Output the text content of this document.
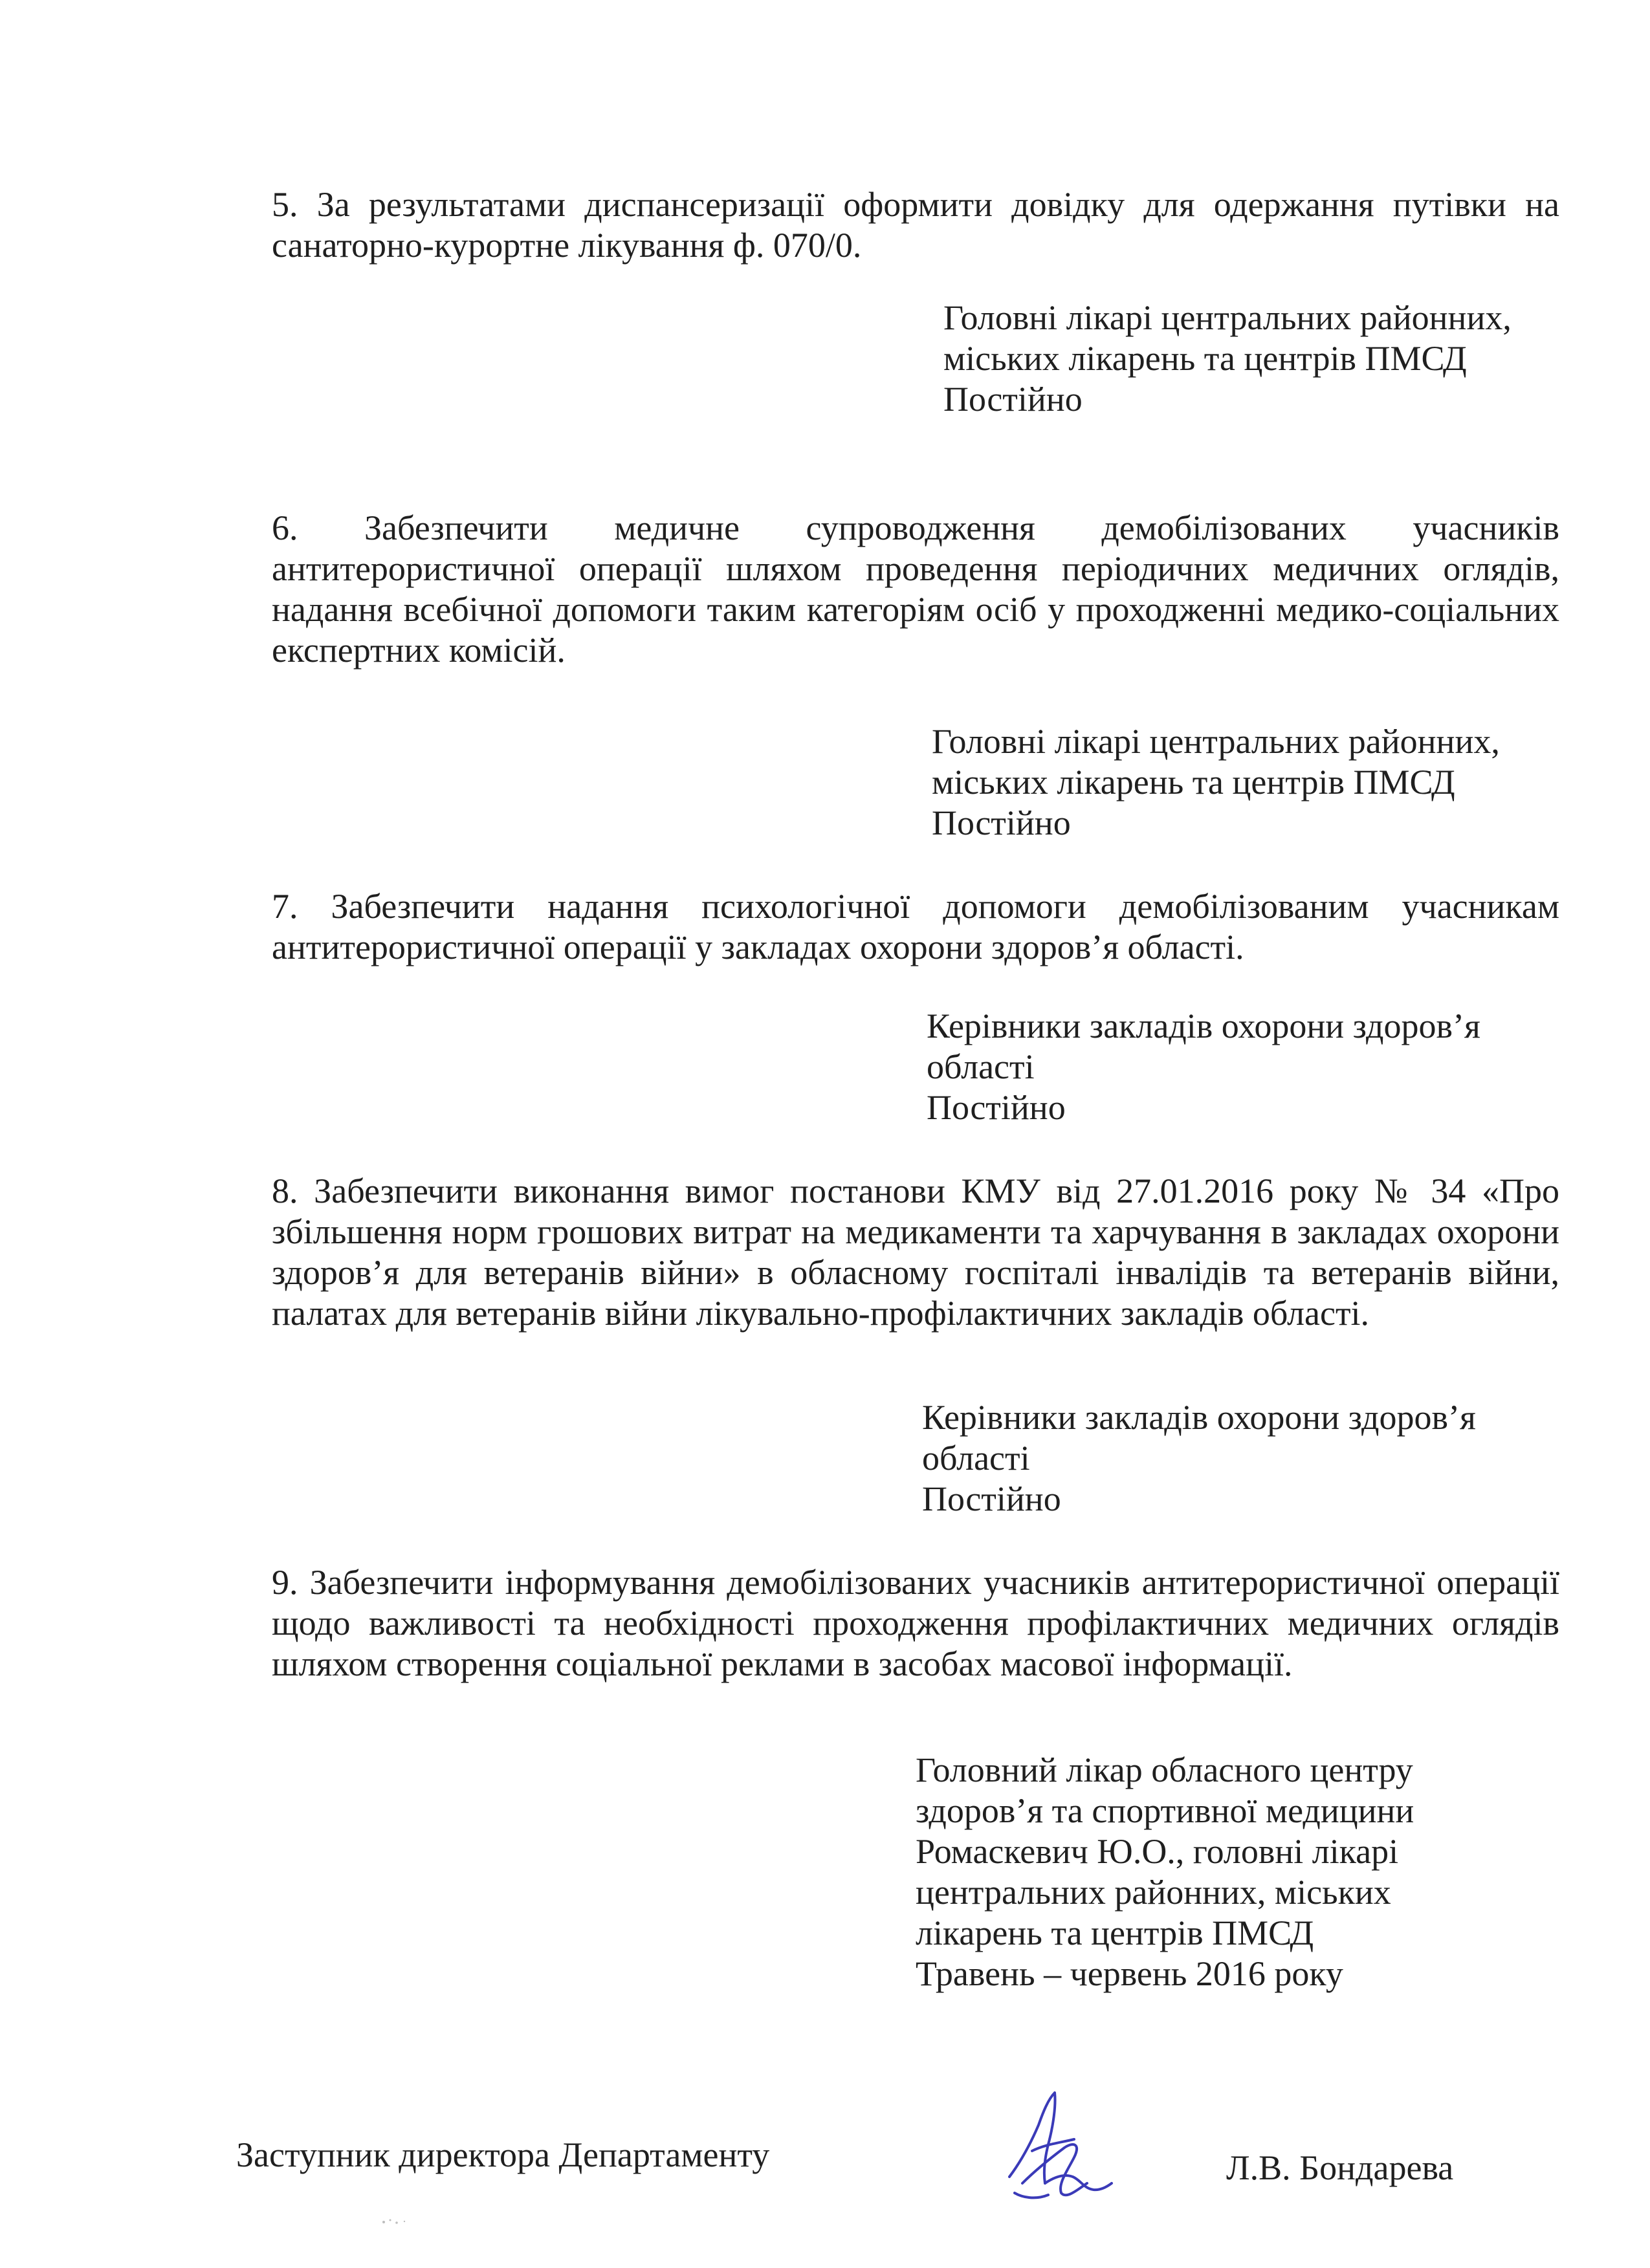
5. За результатами диспансеризації оформити довідку для одержання путівки на санаторно-курортне лікування ф. 070/0.

Головні лікарі центральних районних,
міських лікарень та центрів ПМСД
Постійно

6. Забезпечити медичне супроводження демобілізованих учасників антитерористичної операції шляхом проведення періодичних медичних оглядів, надання всебічної допомоги таким категоріям осіб у проходженні медико-соціальних експертних комісій.

Головні лікарі центральних районних,
міських лікарень та центрів ПМСД
Постійно

7. Забезпечити надання психологічної допомоги демобілізованим учасникам антитерористичної операції у закладах охорони здоров’я області.

Керівники закладів охорони здоров’я
області
Постійно

8. Забезпечити виконання вимог постанови КМУ від 27.01.2016 року № 34 «Про збільшення норм грошових витрат на медикаменти та харчування в закладах охорони здоров’я для ветеранів війни» в обласному госпіталі інвалідів та ветеранів війни, палатах для ветеранів війни лікувально-профілактичних закладів області.

Керівники закладів охорони здоров’я
області
Постійно

9. Забезпечити інформування демобілізованих учасників антитерористичної операції щодо важливості та необхідності проходження профілактичних медичних оглядів шляхом створення соціальної реклами в засобах масової інформації.

Головний лікар обласного центру
здоров’я та спортивної медицини
Ромаскевич Ю.О., головні лікарі
центральних районних, міських
лікарень та центрів ПМСД
Травень – червень 2016 року
Заступник директора Департаменту	Л.В. Бондарева
